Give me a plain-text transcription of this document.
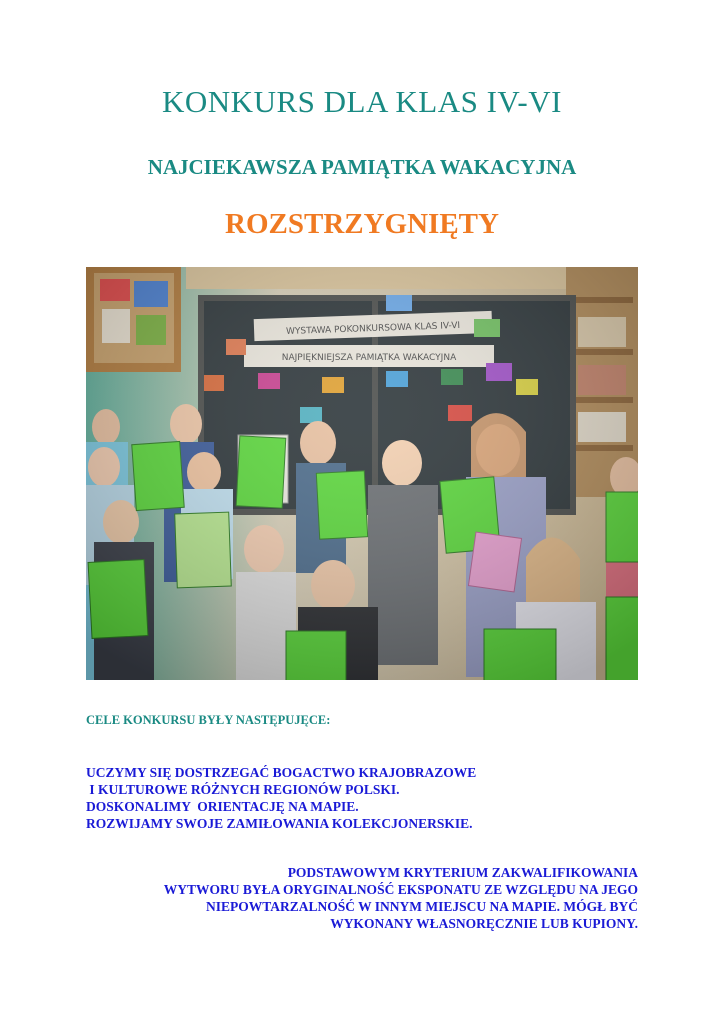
KONKURS DLA KLAS IV-VI
NAJCIEKAWSZA PAMIĄTKA WAKACYJNA
ROZSTRZYGNIĘTY
CELE KONKURSU BYŁY NASTĘPUJĘCE:
UCZYMY SIĘ DOSTRZEGAĆ BOGACTWO KRAJOBRAZOWE
I KULTUROWE RÓŻNYCH REGIONÓW POLSKI.
DOSKONALIMY  ORIENTACJĘ NA MAPIE.
ROZWIJAMY SWOJE ZAMIŁOWANIA KOLEKCJONERSKIE.
PODSTAWOWYM KRYTERIUM ZAKWALIFIKOWANIA
WYTWORU BYŁA ORYGINALNOŚĆ EKSPONATU ZE WZGLĘDU NA JEGO
NIEPOWTARZALNOŚĆ W INNYM MIEJSCU NA MAPIE. MÓGŁ BYĆ
WYKONANY WŁASNORĘCZNIE LUB KUPIONY.
